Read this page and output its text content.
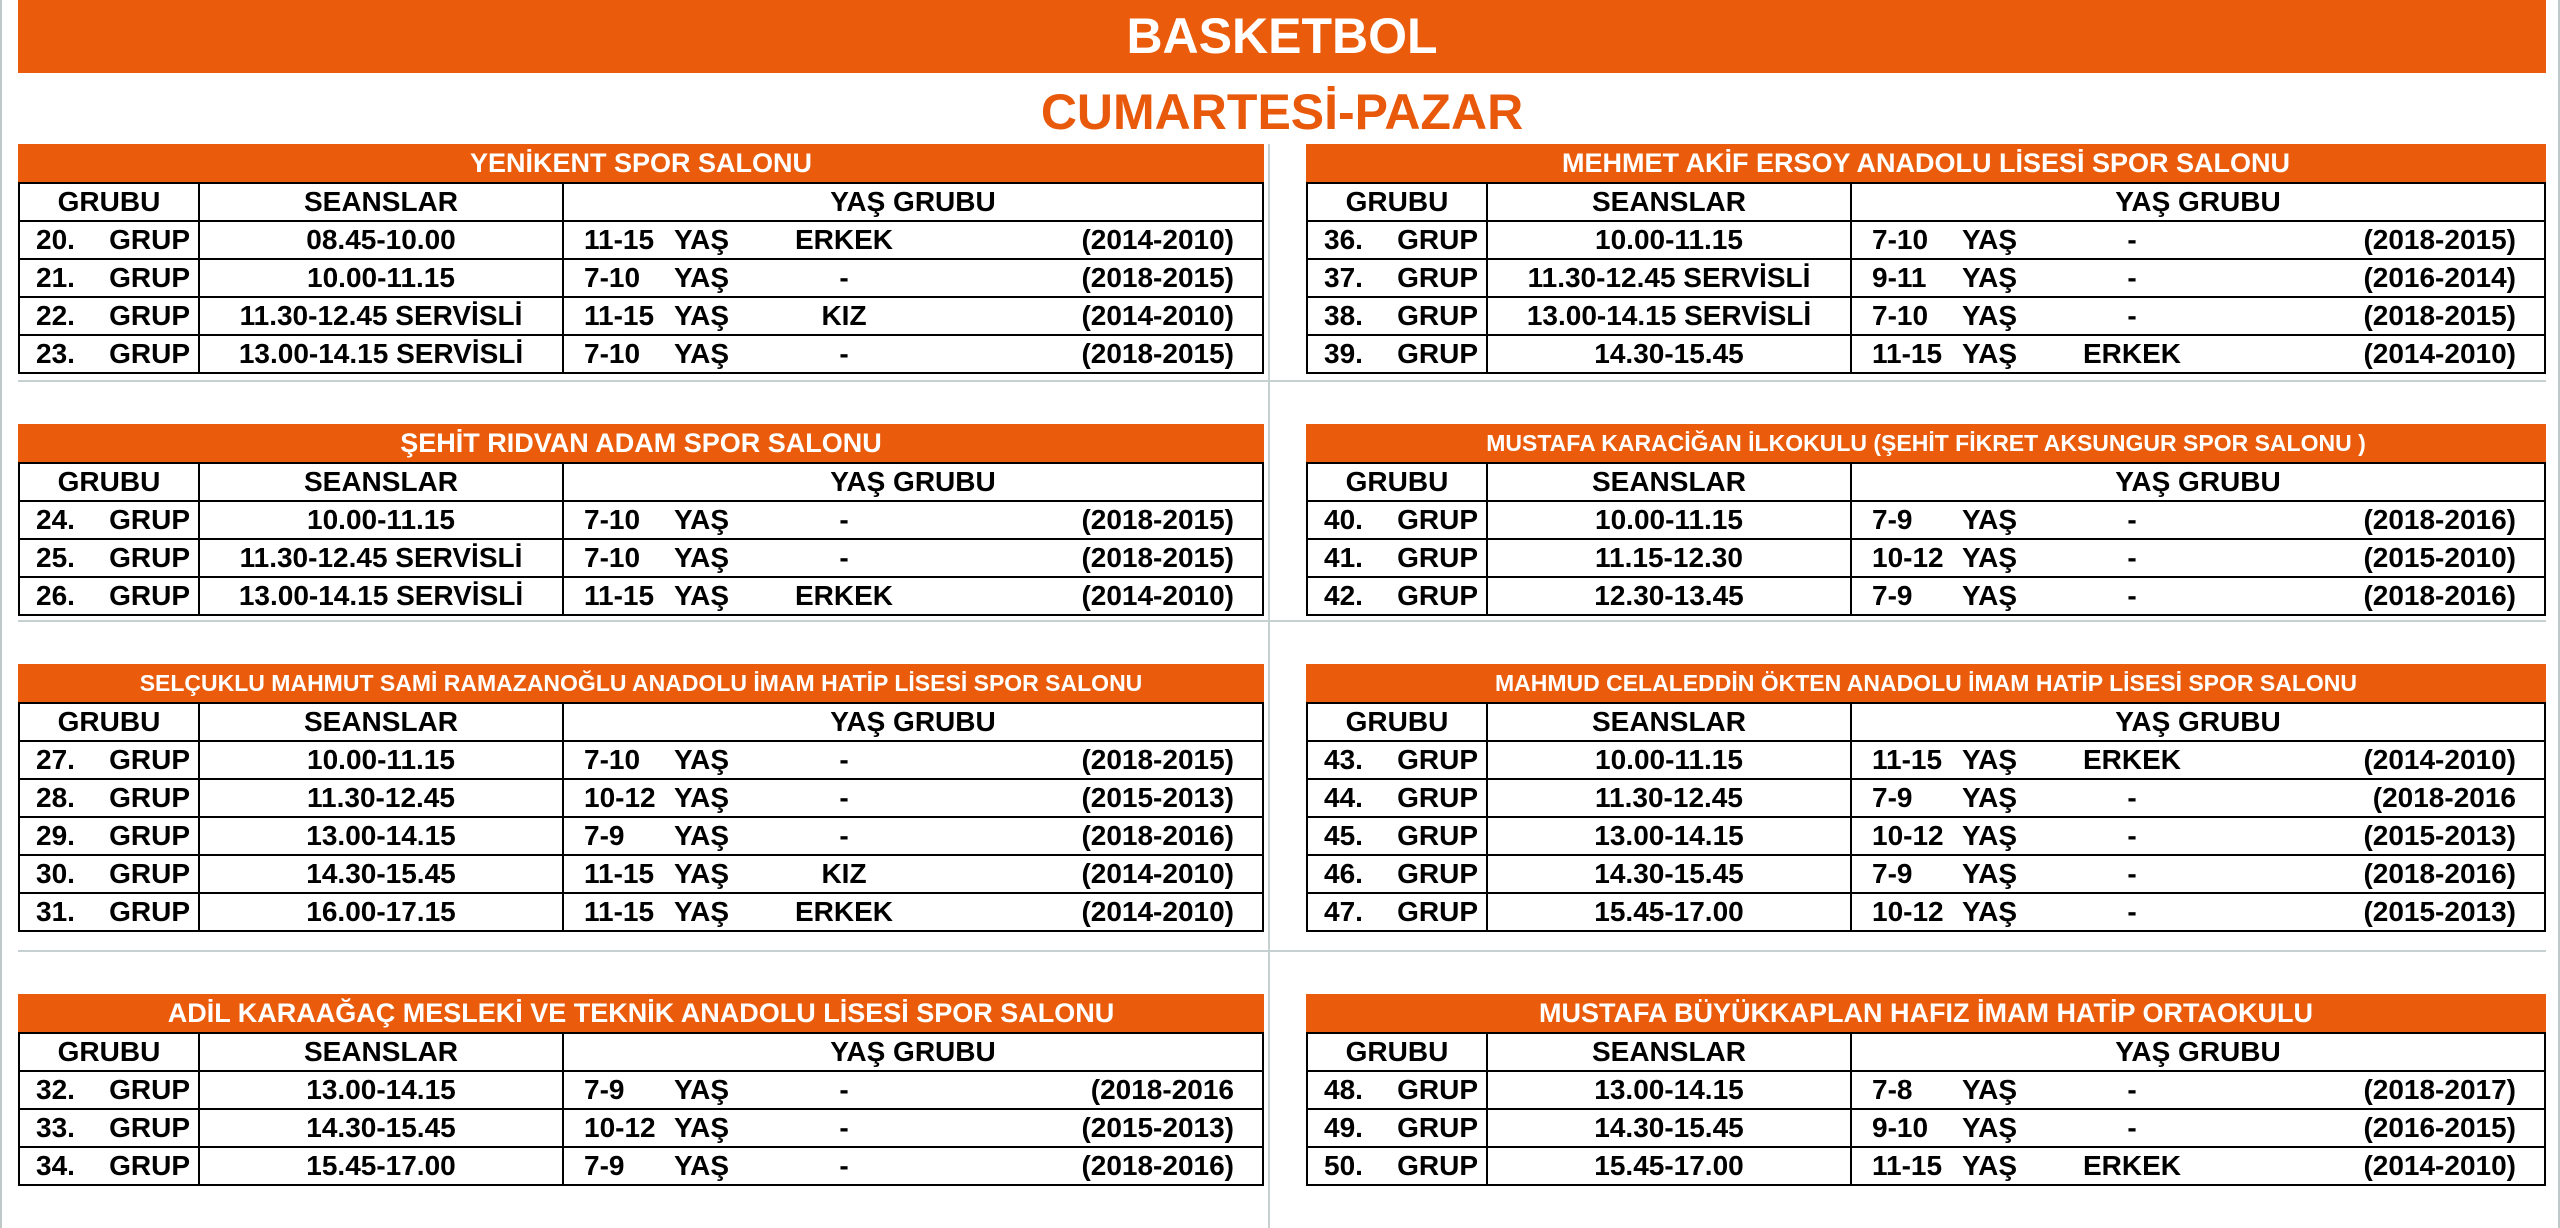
BASKETBOL
CUMARTESİ-PAZAR
YENİKENT SPOR SALONU
GRUBU	SEANSLAR	YAŞ GRUBU

20. GRUP	08.45-10.00	11-15 YAŞ ERKEK (2014-2010)

21. GRUP	10.00-11.15	7-10 YAŞ - (2018-2015)

22. GRUP	11.30-12.45 SERVİSLİ	11-15 YAŞ KIZ (2014-2010)

23. GRUP	13.00-14.15 SERVİSLİ	7-10 YAŞ - (2018-2015)
ŞEHİT RIDVAN ADAM SPOR SALONU
GRUBU	SEANSLAR	YAŞ GRUBU

24. GRUP	10.00-11.15	7-10 YAŞ - (2018-2015)

25. GRUP	11.30-12.45 SERVİSLİ	7-10 YAŞ - (2018-2015)

26. GRUP	13.00-14.15 SERVİSLİ	11-15 YAŞ ERKEK (2014-2010)
SELÇUKLU MAHMUT SAMİ RAMAZANOĞLU ANADOLU İMAM HATİP LİSESİ SPOR SALONU
GRUBU	SEANSLAR	YAŞ GRUBU

27. GRUP	10.00-11.15	7-10 YAŞ - (2018-2015)

28. GRUP	11.30-12.45	10-12 YAŞ - (2015-2013)

29. GRUP	13.00-14.15	7-9 YAŞ - (2018-2016)

30. GRUP	14.30-15.45	11-15 YAŞ KIZ (2014-2010)

31. GRUP	16.00-17.15	11-15 YAŞ ERKEK (2014-2010)
ADİL KARAAĞAÇ MESLEKİ VE TEKNİK ANADOLU LİSESİ SPOR SALONU
GRUBU	SEANSLAR	YAŞ GRUBU

32. GRUP	13.00-14.15	7-9 YAŞ - (2018-2016

33. GRUP	14.30-15.45	10-12 YAŞ - (2015-2013)

34. GRUP	15.45-17.00	7-9 YAŞ - (2018-2016)
MEHMET AKİF ERSOY ANADOLU LİSESİ SPOR SALONU
GRUBU	SEANSLAR	YAŞ GRUBU

36. GRUP	10.00-11.15	7-10 YAŞ - (2018-2015)

37. GRUP	11.30-12.45 SERVİSLİ	9-11 YAŞ - (2016-2014)

38. GRUP	13.00-14.15 SERVİSLİ	7-10 YAŞ - (2018-2015)

39. GRUP	14.30-15.45	11-15 YAŞ ERKEK (2014-2010)
MUSTAFA KARACİĞAN İLKOKULU (ŞEHİT FİKRET AKSUNGUR SPOR SALONU )
GRUBU	SEANSLAR	YAŞ GRUBU

40. GRUP	10.00-11.15	7-9 YAŞ - (2018-2016)

41. GRUP	11.15-12.30	10-12 YAŞ - (2015-2010)

42. GRUP	12.30-13.45	7-9 YAŞ - (2018-2016)
MAHMUD CELALEDDİN ÖKTEN ANADOLU İMAM HATİP LİSESİ SPOR SALONU
GRUBU	SEANSLAR	YAŞ GRUBU

43. GRUP	10.00-11.15	11-15 YAŞ ERKEK (2014-2010)

44. GRUP	11.30-12.45	7-9 YAŞ - (2018-2016

45. GRUP	13.00-14.15	10-12 YAŞ - (2015-2013)

46. GRUP	14.30-15.45	7-9 YAŞ - (2018-2016)

47. GRUP	15.45-17.00	10-12 YAŞ - (2015-2013)
MUSTAFA BÜYÜKKAPLAN HAFIZ İMAM HATİP ORTAOKULU
GRUBU	SEANSLAR	YAŞ GRUBU

48. GRUP	13.00-14.15	7-8 YAŞ - (2018-2017)

49. GRUP	14.30-15.45	9-10 YAŞ - (2016-2015)

50. GRUP	15.45-17.00	11-15 YAŞ ERKEK (2014-2010)
